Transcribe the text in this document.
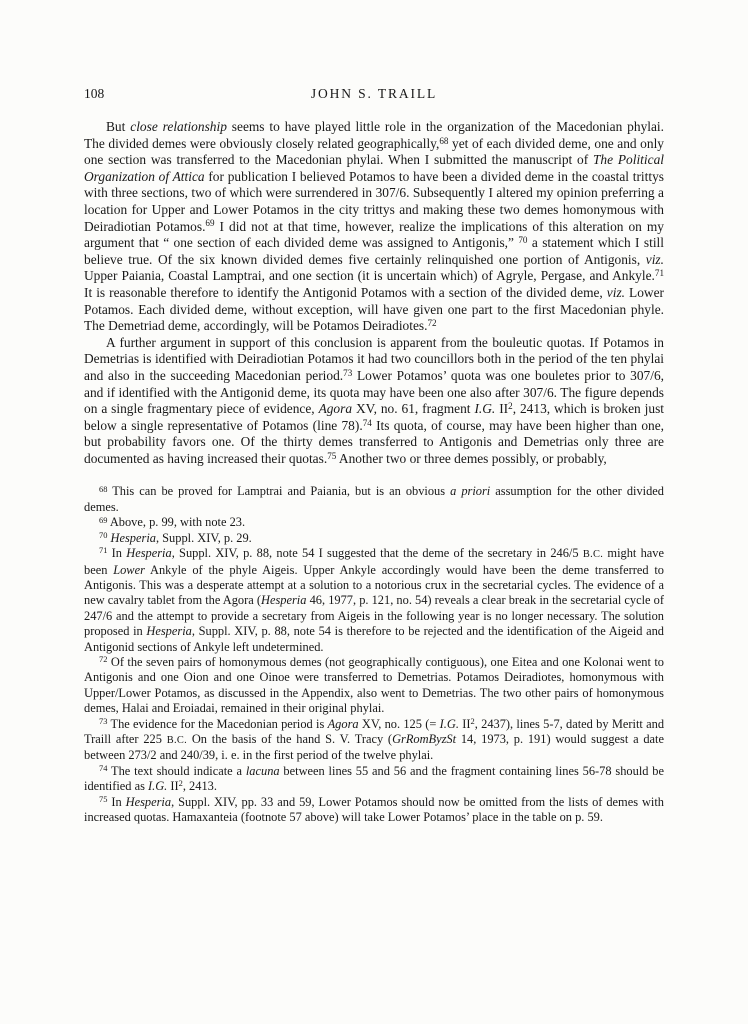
108	JOHN S. TRAILL

But close relationship seems to have played little role in the organization of the Macedonian phylai. The divided demes were obviously closely related geographically,$^{68}$ yet of each divided deme, one and only one section was transferred to the Macedonian phylai. When I submitted the manuscript of The Political Organization of Attica for publication I believed Potamos to have been a divided deme in the coastal trittys with three sections, two of which were surrendered in 307/6. Subsequently I altered my opinion preferring a location for Upper and Lower Potamos in the city trittys and making these two demes homonymous with Deiradiotian Potamos.$^{69}$ I did not at that time, however, realize the implications of this alteration on my argument that “ one section of each divided deme was assigned to Antigonis,” $^{70}$ a statement which I still believe true. Of the six known divided demes five certainly relinquished one portion of Antigonis, viz. Upper Paiania, Coastal Lamptrai, and one section (it is uncertain which) of Agryle, Pergase, and Ankyle.$^{71}$ It is reasonable therefore to identify the Antigonid Potamos with a section of the divided deme, viz. Lower Potamos. Each divided deme, without exception, will have given one part to the first Macedonian phyle. The Demetriad deme, accordingly, will be Potamos Deiradiotes.$^{72}$

A further argument in support of this conclusion is apparent from the bouleutic quotas. If Potamos in Demetrias is identified with Deiradiotian Potamos it had two councillors both in the period of the ten phylai and also in the succeeding Macedonian period.$^{73}$ Lower Potamos’ quota was one bouletes prior to 307/6, and if identified with the Antigonid deme, its quota may have been one also after 307/6. The figure depends on a single fragmentary piece of evidence, Agora XV, no. 61, fragment I.G. $II^2$, 2413, which is broken just below a single representative of Potamos (line 78).$^{74}$ Its quota, of course, may have been higher than one, but probability favors one. Of the thirty demes transferred to Antigonis and Demetrias only three are documented as having increased their quotas.$^{75}$ Another two or three demes possibly, or probably,

$^{68}$ This can be proved for Lamptrai and Paiania, but is an obvious a priori assumption for the other divided demes.

$^{69}$ Above, p. 99, with note 23.

$^{70}$ Hesperia, Suppl. XIV, p. 29.

$^{71}$ In Hesperia, Suppl. XIV, p. 88, note 54 I suggested that the deme of the secretary in 246/5 B.C. might have been Lower Ankyle of the phyle Aigeis. Upper Ankyle accordingly would have been the deme transferred to Antigonis. This was a desperate attempt at a solution to a notorious crux in the secretarial cycles. The evidence of a new cavalry tablet from the Agora (Hesperia 46, 1977, p. 121, no. 54) reveals a clear break in the secretarial cycle of 247/6 and the attempt to provide a secretary from Aigeis in the following year is no longer necessary. The solution proposed in Hesperia, Suppl. XIV, p. 88, note 54 is therefore to be rejected and the identification of the Aigeid and Antigonid sections of Ankyle left undetermined.

$^{72}$ Of the seven pairs of homonymous demes (not geographically contiguous), one Eitea and one Kolonai went to Antigonis and one Oion and one Oinoe were transferred to Demetrias. Potamos Deiradiotes, homonymous with Upper/Lower Potamos, as discussed in the Appendix, also went to Demetrias. The two other pairs of homonymous demes, Halai and Eroiadai, remained in their original phylai.

$^{73}$ The evidence for the Macedonian period is Agora XV, no. 125 (= I.G. $II^2$, 2437), lines 5-7, dated by Meritt and Traill after 225 B.C. On the basis of the hand S. V. Tracy (GrRomByzSt 14, 1973, p. 191) would suggest a date between 273/2 and 240/39, i. e. in the first period of the twelve phylai.

$^{74}$ The text should indicate a lacuna between lines 55 and 56 and the fragment containing lines 56-78 should be identified as I.G. $II^2$, 2413.

$^{75}$ In Hesperia, Suppl. XIV, pp. 33 and 59, Lower Potamos should now be omitted from the lists of demes with increased quotas. Hamaxanteia (footnote 57 above) will take Lower Potamos’ place in the table on p. 59.
